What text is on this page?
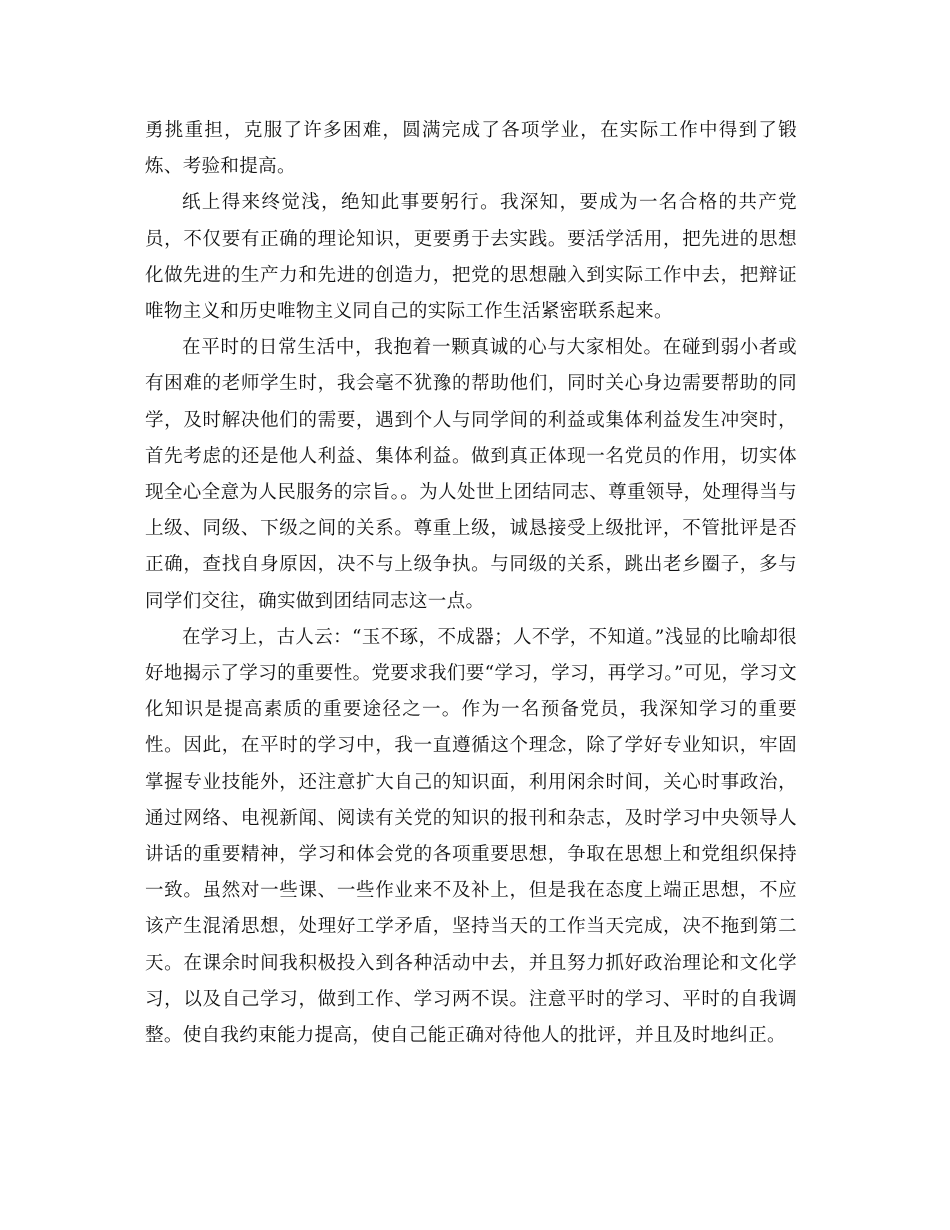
勇挑重担，克服了许多困难，圆满完成了各项学业，在实际工作中得到了锻炼、考验和提高。

纸上得来终觉浅，绝知此事要躬行。我深知，要成为一名合格的共产党员，不仅要有正确的理论知识，更要勇于去实践。要活学活用，把先进的思想化做先进的生产力和先进的创造力，把党的思想融入到实际工作中去，把辩证唯物主义和历史唯物主义同自己的实际工作生活紧密联系起来。

在平时的日常生活中，我抱着一颗真诚的心与大家相处。在碰到弱小者或有困难的老师学生时，我会毫不犹豫的帮助他们，同时关心身边需要帮助的同学，及时解决他们的需要，遇到个人与同学间的利益或集体利益发生冲突时，首先考虑的还是他人利益、集体利益。做到真正体现一名党员的作用，切实体现全心全意为人民服务的宗旨。。为人处世上团结同志、尊重领导，处理得当与上级、同级、下级之间的关系。尊重上级，诚恳接受上级批评，不管批评是否正确，查找自身原因，决不与上级争执。与同级的关系，跳出老乡圈子，多与同学们交往，确实做到团结同志这一点。

在学习上，古人云：“玉不琢，不成器；人不学，不知道。”浅显的比喻却很好地揭示了学习的重要性。党要求我们要“学习，学习，再学习。”可见，学习文化知识是提高素质的重要途径之一。作为一名预备党员，我深知学习的重要性。因此，在平时的学习中，我一直遵循这个理念，除了学好专业知识，牢固掌握专业技能外，还注意扩大自己的知识面，利用闲余时间，关心时事政治，通过网络、电视新闻、阅读有关党的知识的报刊和杂志，及时学习中央领导人讲话的重要精神，学习和体会党的各项重要思想，争取在思想上和党组织保持一致。虽然对一些课、一些作业来不及补上，但是我在态度上端正思想，不应该产生混淆思想，处理好工学矛盾，坚持当天的工作当天完成，决不拖到第二天。在课余时间我积极投入到各种活动中去，并且努力抓好政治理论和文化学习，以及自己学习，做到工作、学习两不误。注意平时的学习、平时的自我调整。使自我约束能力提高，使自己能正确对待他人的批评，并且及时地纠正。
